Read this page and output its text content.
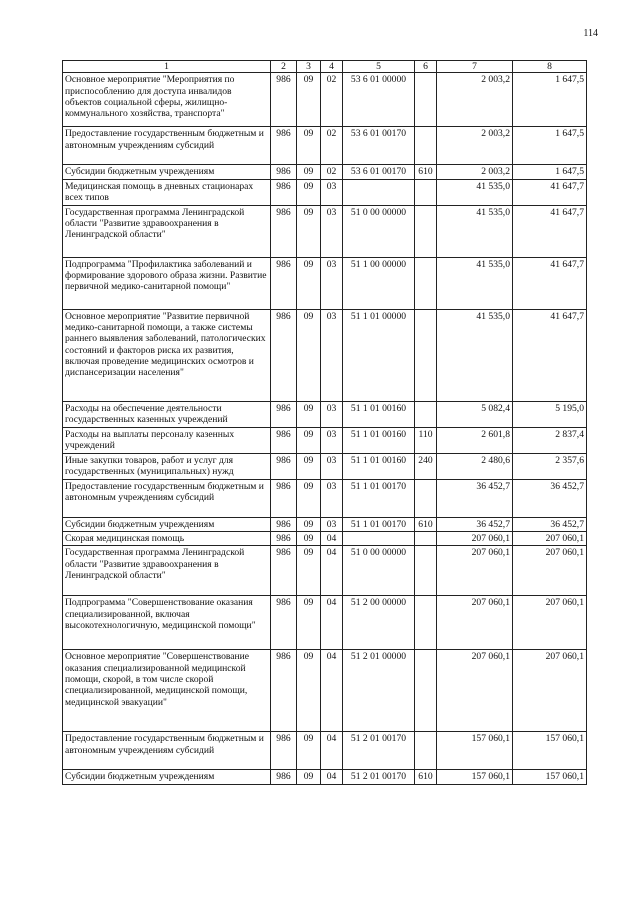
114
1	2	3	4	5	6	7	8
Основное мероприятие "Мероприятия по приспособлению для доступа инвалидов объектов социальной сферы, жилищно-коммунального хозяйства, транспорта"	986	09	02	53 6 01 00000		2 003,2	1 647,5
Предоставление государственным бюджетным и автономным учреждениям субсидий	986	09	02	53 6 01 00170		2 003,2	1 647,5
Субсидии бюджетным учреждениям	986	09	02	53 6 01 00170	610	2 003,2	1 647,5
Медицинская помощь в дневных стационарах всех типов	986	09	03			41 535,0	41 647,7
Государственная программа Ленинградской области "Развитие здравоохранения в Ленинградской области"	986	09	03	51 0 00 00000		41 535,0	41 647,7
Подпрограмма "Профилактика заболеваний и формирование здорового образа жизни. Развитие первичной медико-санитарной помощи"	986	09	03	51 1 00 00000		41 535,0	41 647,7
Основное мероприятие "Развитие первичной медико-санитарной помощи, а также системы раннего выявления заболеваний, патологических состояний и факторов риска их развития, включая проведение медицинских осмотров и диспансеризации населения"	986	09	03	51 1 01 00000		41 535,0	41 647,7
Расходы на обеспечение деятельности государственных казенных учреждений	986	09	03	51 1 01 00160		5 082,4	5 195,0
Расходы на выплаты персоналу казенных учреждений	986	09	03	51 1 01 00160	110	2 601,8	2 837,4
Иные закупки товаров, работ и услуг для государственных (муниципальных) нужд	986	09	03	51 1 01 00160	240	2 480,6	2 357,6
Предоставление государственным бюджетным и автономным учреждениям субсидий	986	09	03	51 1 01 00170		36 452,7	36 452,7
Субсидии бюджетным учреждениям	986	09	03	51 1 01 00170	610	36 452,7	36 452,7
Скорая медицинская помощь	986	09	04			207 060,1	207 060,1
Государственная программа Ленинградской области "Развитие здравоохранения в Ленинградской области"	986	09	04	51 0 00 00000		207 060,1	207 060,1
Подпрограмма "Совершенствование оказания специализированной, включая высокотехнологичную, медицинской помощи"	986	09	04	51 2 00 00000		207 060,1	207 060,1
Основное мероприятие "Совершенствование оказания специализированной медицинской помощи, скорой, в том числе скорой специализированной, медицинской помощи, медицинской эвакуации"	986	09	04	51 2 01 00000		207 060,1	207 060,1
Предоставление государственным бюджетным и автономным учреждениям субсидий	986	09	04	51 2 01 00170		157 060,1	157 060,1
Субсидии бюджетным учреждениям	986	09	04	51 2 01 00170	610	157 060,1	157 060,1
